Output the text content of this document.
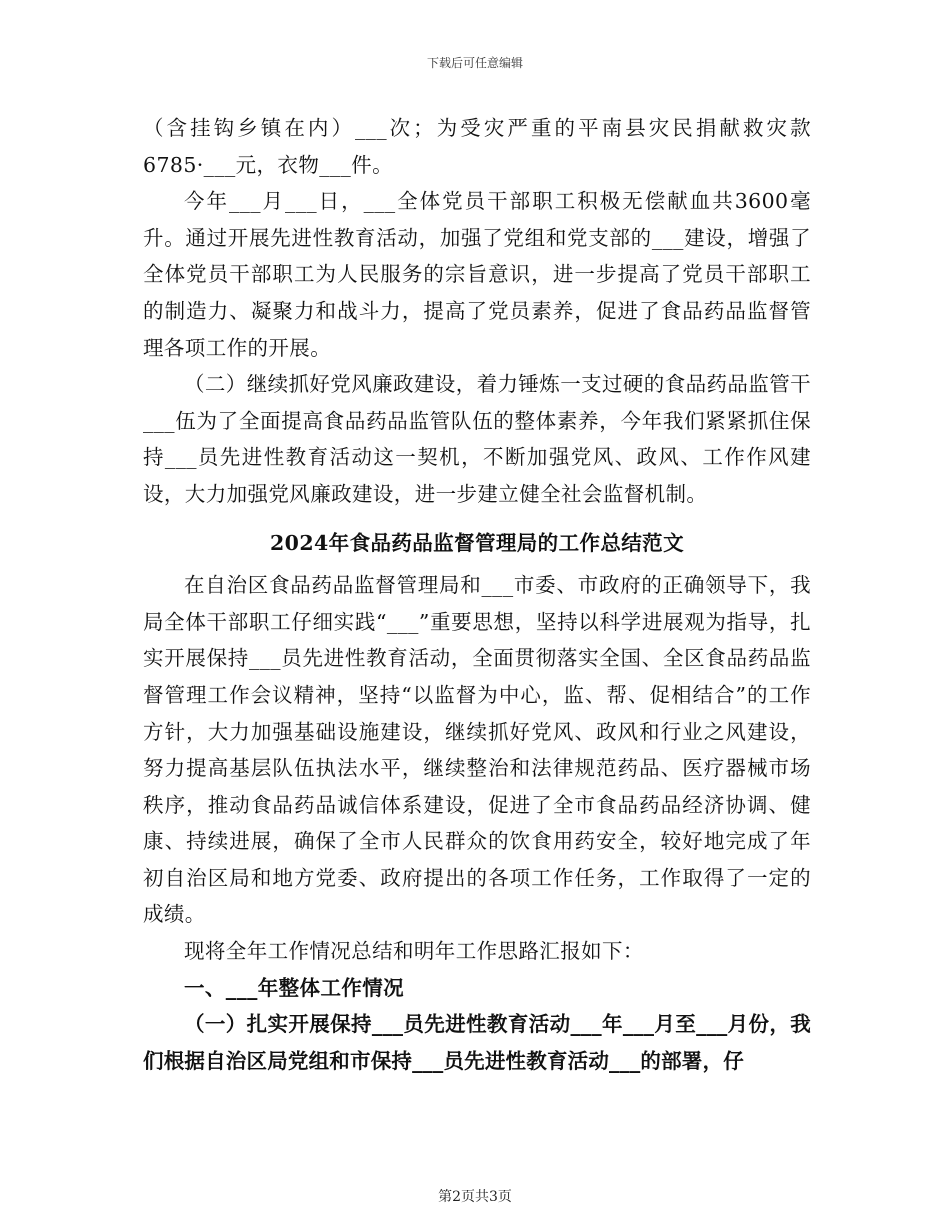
下载后可任意编辑

（含挂钩乡镇在内）___次；为受灾严重的平南县灾民捐献救灾款6785·___元，衣物___件。

今年___月___日，___全体党员干部职工积极无偿献血共3600毫升。通过开展先进性教育活动，加强了党组和党支部的___建设，增强了全体党员干部职工为人民服务的宗旨意识，进一步提高了党员干部职工的制造力、凝聚力和战斗力，提高了党员素养，促进了食品药品监督管理各项工作的开展。

（二）继续抓好党风廉政建设，着力锤炼一支过硬的食品药品监管干___伍为了全面提高食品药品监管队伍的整体素养，今年我们紧紧抓住保持___员先进性教育活动这一契机，不断加强党风、政风、工作作风建设，大力加强党风廉政建设，进一步建立健全社会监督机制。

2024年食品药品监督管理局的工作总结范文

在自治区食品药品监督管理局和___市委、市政府的正确领导下，我局全体干部职工仔细实践“___”重要思想，坚持以科学进展观为指导，扎实开展保持___员先进性教育活动，全面贯彻落实全国、全区食品药品监督管理工作会议精神，坚持“以监督为中心，监、帮、促相结合”的工作方针，大力加强基础设施建设，继续抓好党风、政风和行业之风建设，努力提高基层队伍执法水平，继续整治和法律规范药品、医疗器械市场秩序，推动食品药品诚信体系建设，促进了全市食品药品经济协调、健康、持续进展，确保了全市人民群众的饮食用药安全，较好地完成了年初自治区局和地方党委、政府提出的各项工作任务，工作取得了一定的成绩。

现将全年工作情况总结和明年工作思路汇报如下：

一、___年整体工作情况

（一）扎实开展保持___员先进性教育活动___年___月至___月份，我们根据自治区局党组和市保持___员先进性教育活动___的部署，仔

第2页共3页
